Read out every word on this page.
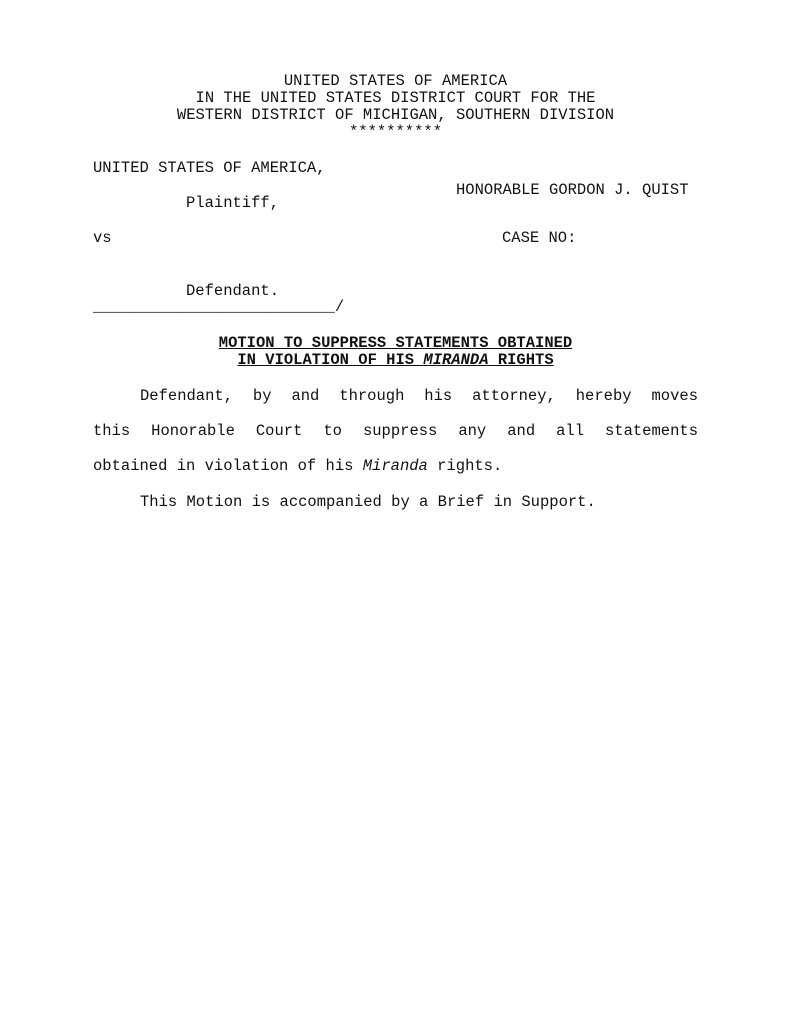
UNITED STATES OF AMERICA
IN THE UNITED STATES DISTRICT COURT FOR THE
WESTERN DISTRICT OF MICHIGAN, SOUTHERN DIVISION
**********
UNITED STATES OF AMERICA,
HONORABLE GORDON J. QUIST
Plaintiff,
vs	CASE NO:
Defendant.
__________________________/
MOTION TO SUPPRESS STATEMENTS OBTAINED
IN VIOLATION OF HIS MIRANDA RIGHTS
Defendant, by and through his attorney, hereby moves
this Honorable Court to suppress any and all statements
obtained in violation of his Miranda rights.
This Motion is accompanied by a Brief in Support.
